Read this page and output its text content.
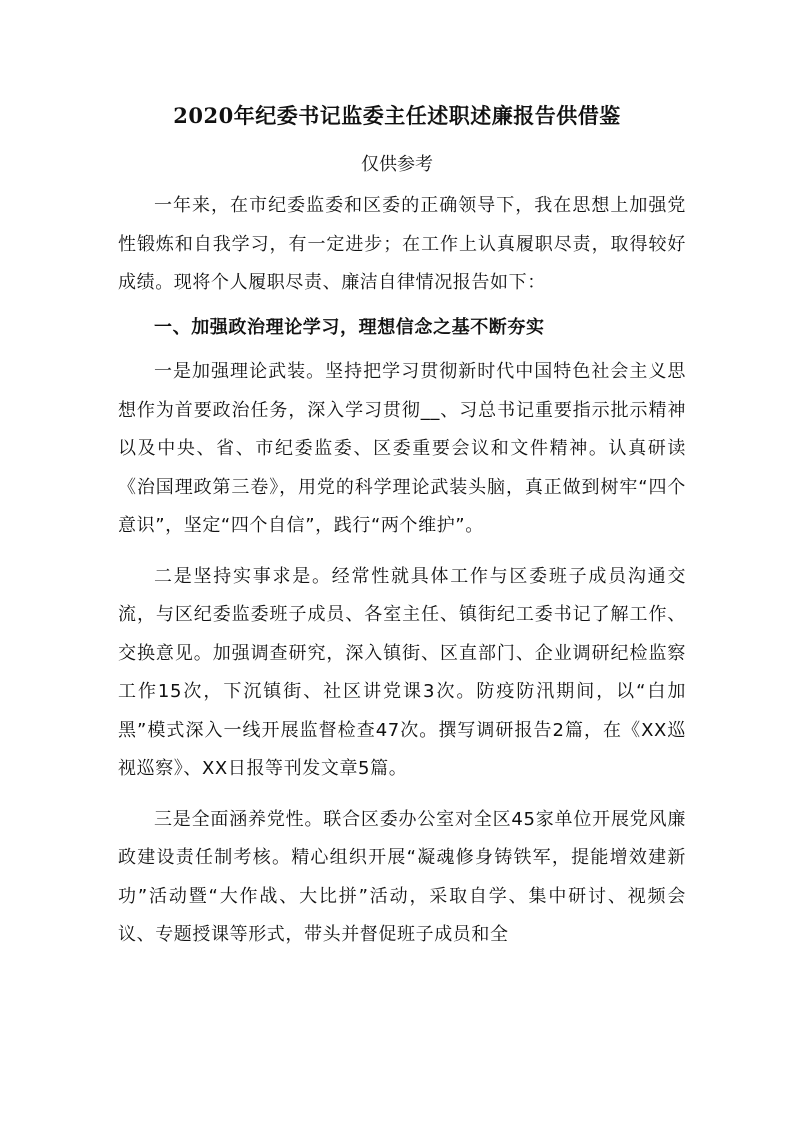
2020年纪委书记监委主任述职述廉报告供借鉴
仅供参考

一年来，在市纪委监委和区委的正确领导下，我在思想上加强党性锻炼和自我学习，有一定进步；在工作上认真履职尽责，取得较好成绩。现将个人履职尽责、廉洁自律情况报告如下：

一、加强政治理论学习，理想信念之基不断夯实

一是加强理论武装。坚持把学习贯彻新时代中国特色社会主义思想作为首要政治任务，深入学习贯彻__、习总书记重要指示批示精神以及中央、省、市纪委监委、区委重要会议和文件精神。认真研读《治国理政第三卷》，用党的科学理论武装头脑，真正做到树牢“四个意识”，坚定“四个自信”，践行“两个维护”。

二是坚持实事求是。经常性就具体工作与区委班子成员沟通交流，与区纪委监委班子成员、各室主任、镇街纪工委书记了解工作、交换意见。加强调查研究，深入镇街、区直部门、企业调研纪检监察工作15次，下沉镇街、社区讲党课3次。防疫防汛期间，以“白加黑”模式深入一线开展监督检查47次。撰写调研报告2篇，在《XX巡视巡察》、XX日报等刊发文章5篇。

三是全面涵养党性。联合区委办公室对全区45家单位开展党风廉政建设责任制考核。精心组织开展“凝魂修身铸铁军，提能增效建新功”活动暨“大作战、大比拼”活动，采取自学、集中研讨、视频会议、专题授课等形式，带头并督促班子成员和全
